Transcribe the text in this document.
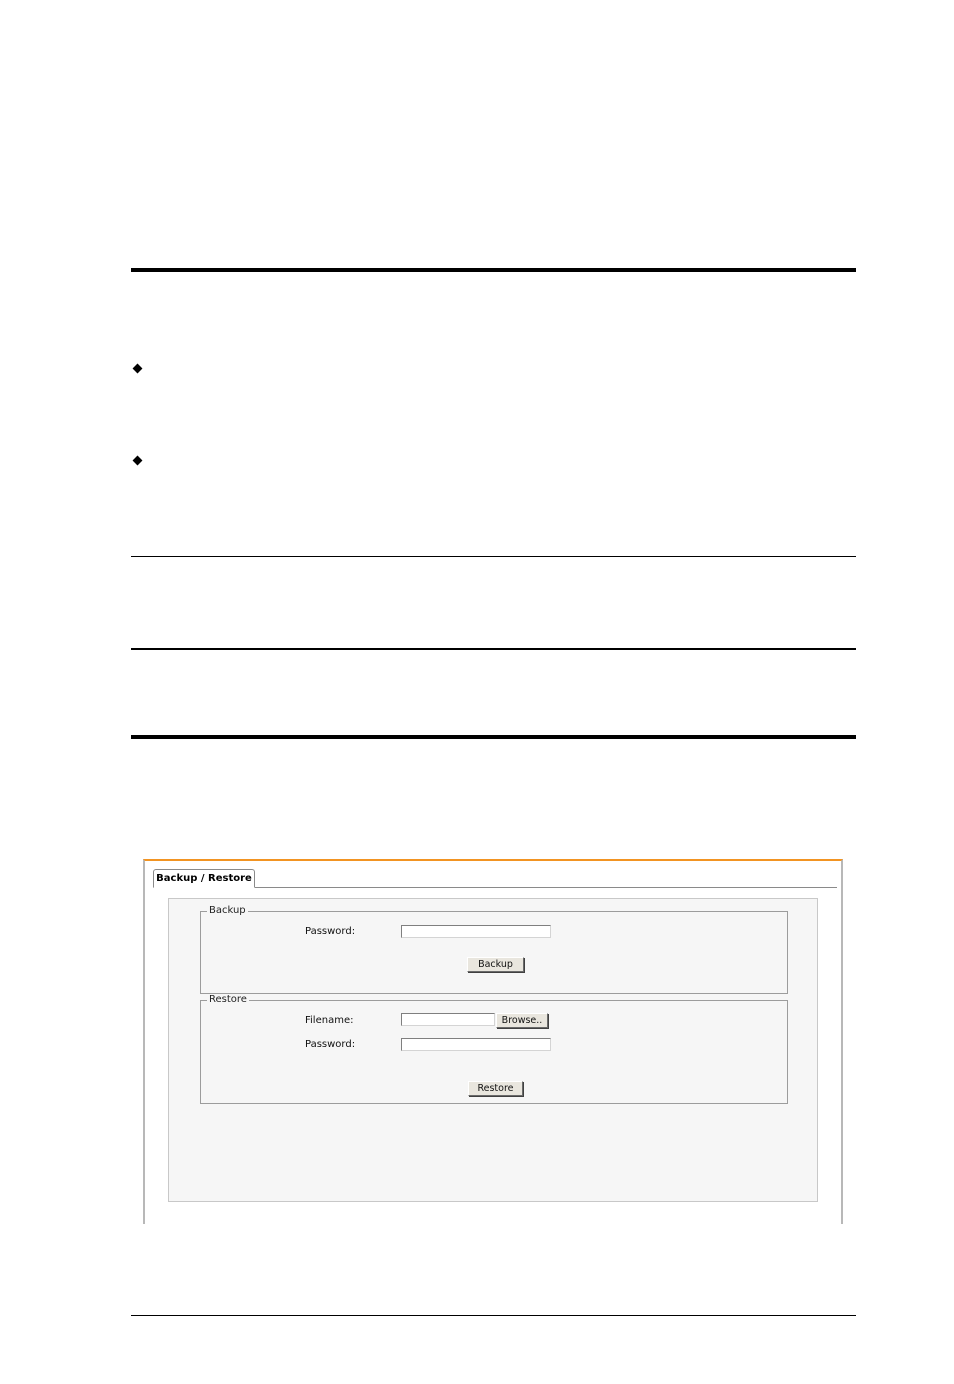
Backup / Restore
Backup
Password:
Backup
Restore
Filename:	Browse..
Password:
Restore
